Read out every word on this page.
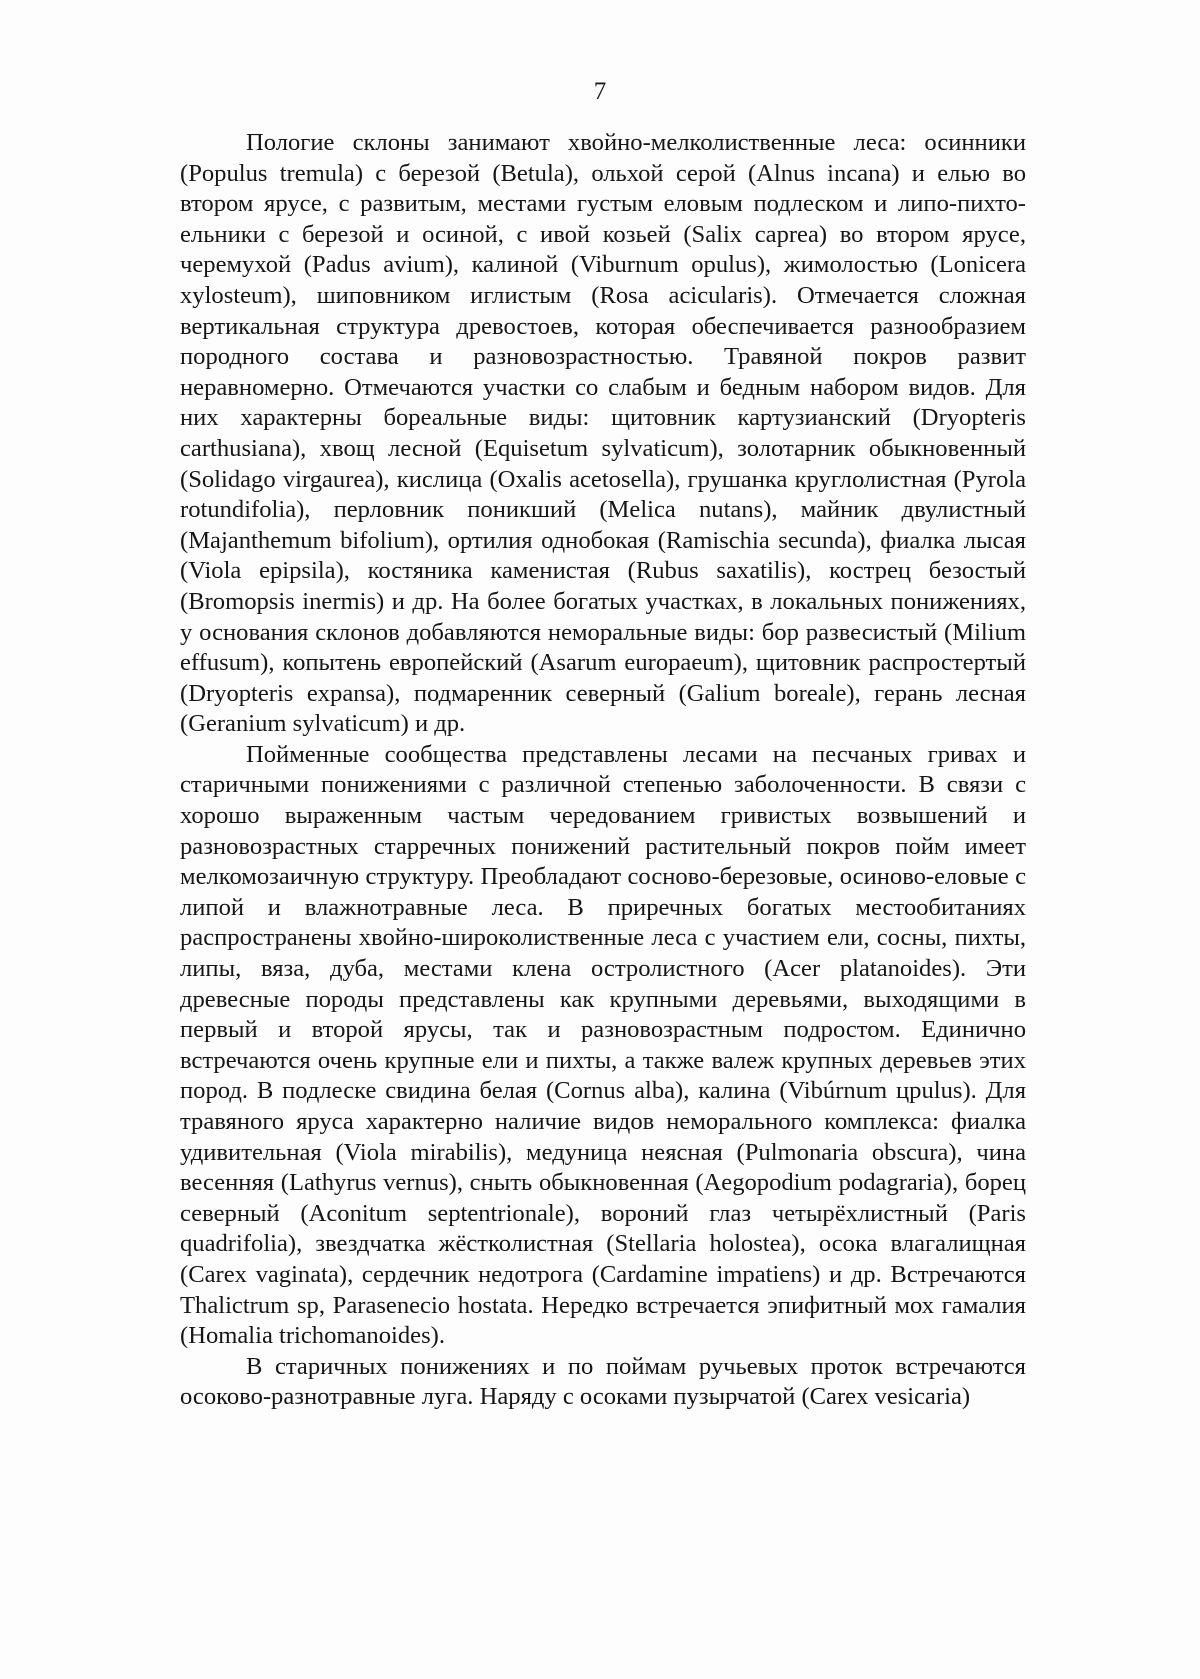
7

Пологие склоны занимают хвойно-мелколиственные леса: осинники (Populus tremula) с березой (Betula), ольхой серой (Alnus incana) и елью во втором ярусе, с развитым, местами густым еловым подлеском и липо-пихто-ельники с березой и осиной, с ивой козьей (Salix caprea) во втором ярусе, черемухой (Padus avium), калиной (Viburnum opulus), жимолостью (Lonicera xylosteum), шиповником иглистым (Rosa acicularis). Отмечается сложная вертикальная структура древостоев, которая обеспечивается разнообразием породного состава и разновозрастностью. Травяной покров развит неравномерно. Отмечаются участки со слабым и бедным набором видов. Для них характерны бореальные виды: щитовник картузианский (Dryopteris carthusiana), хвощ лесной (Equisetum sylvaticum), золотарник обыкновенный (Solidago virgaurea), кислица (Oxalis acetosella), грушанка круглолистная (Pyrola rotundifolia), перловник поникший (Melica nutans), майник двулистный (Majanthemum bifolium), ортилия однобокая (Ramischia secunda), фиалка лысая (Viola epipsila), костяника каменистая (Rubus saxatilis), кострец безостый (Bromopsis inermis) и др. На более богатых участках, в локальных понижениях, у основания склонов добавляются неморальные виды: бор развесистый (Milium effusum), копытень европейский (Asarum europaeum), щитовник распростертый (Dryopteris expansa), подмаренник северный (Galium boreale), герань лесная (Geranium sylvaticum) и др.

Пойменные сообщества представлены лесами на песчаных гривах и старичными понижениями с различной степенью заболоченности. В связи с хорошо выраженным частым чередованием гривистых возвышений и разновозрастных старречных понижений растительный покров пойм имеет мелкомозаичную структуру. Преобладают сосново-березовые, осиново-еловые с липой и влажнотравные леса. В приречных богатых местообитаниях распространены хвойно-широколиственные леса с участием ели, сосны, пихты, липы, вяза, дуба, местами клена остролистного (Acer platanoides). Эти древесные породы представлены как крупными деревьями, выходящими в первый и второй ярусы, так и разновозрастным подростом. Единично встречаются очень крупные ели и пихты, а также валеж крупных деревьев этих пород. В подлеске свидина белая (Cornus alba), калина (Vibúrnum црulus). Для травяного яруса характерно наличие видов неморального комплекса: фиалка удивительная (Viola mirabilis), медуница неясная (Pulmonaria obscura), чина весенняя (Lathyrus vernus), сныть обыкновенная (Aegopodium podagraria), борец северный (Aconitum septentrionale), вороний глаз четырёхлистный (Paris quadrifolia), звездчатка жёстколистная (Stellaria holostea), осока влагалищная (Carex vaginata), сердечник недотрога (Cardamine impatiens) и др. Встречаются Thalictrum sp, Parasenecio hostata. Нередко встречается эпифитный мох гамалия (Homalia trichomanoides).

В старичных понижениях и по поймам ручьевых проток встречаются осоково-разнотравные луга. Наряду с осоками пузырчатой (Carex vesicaria)
